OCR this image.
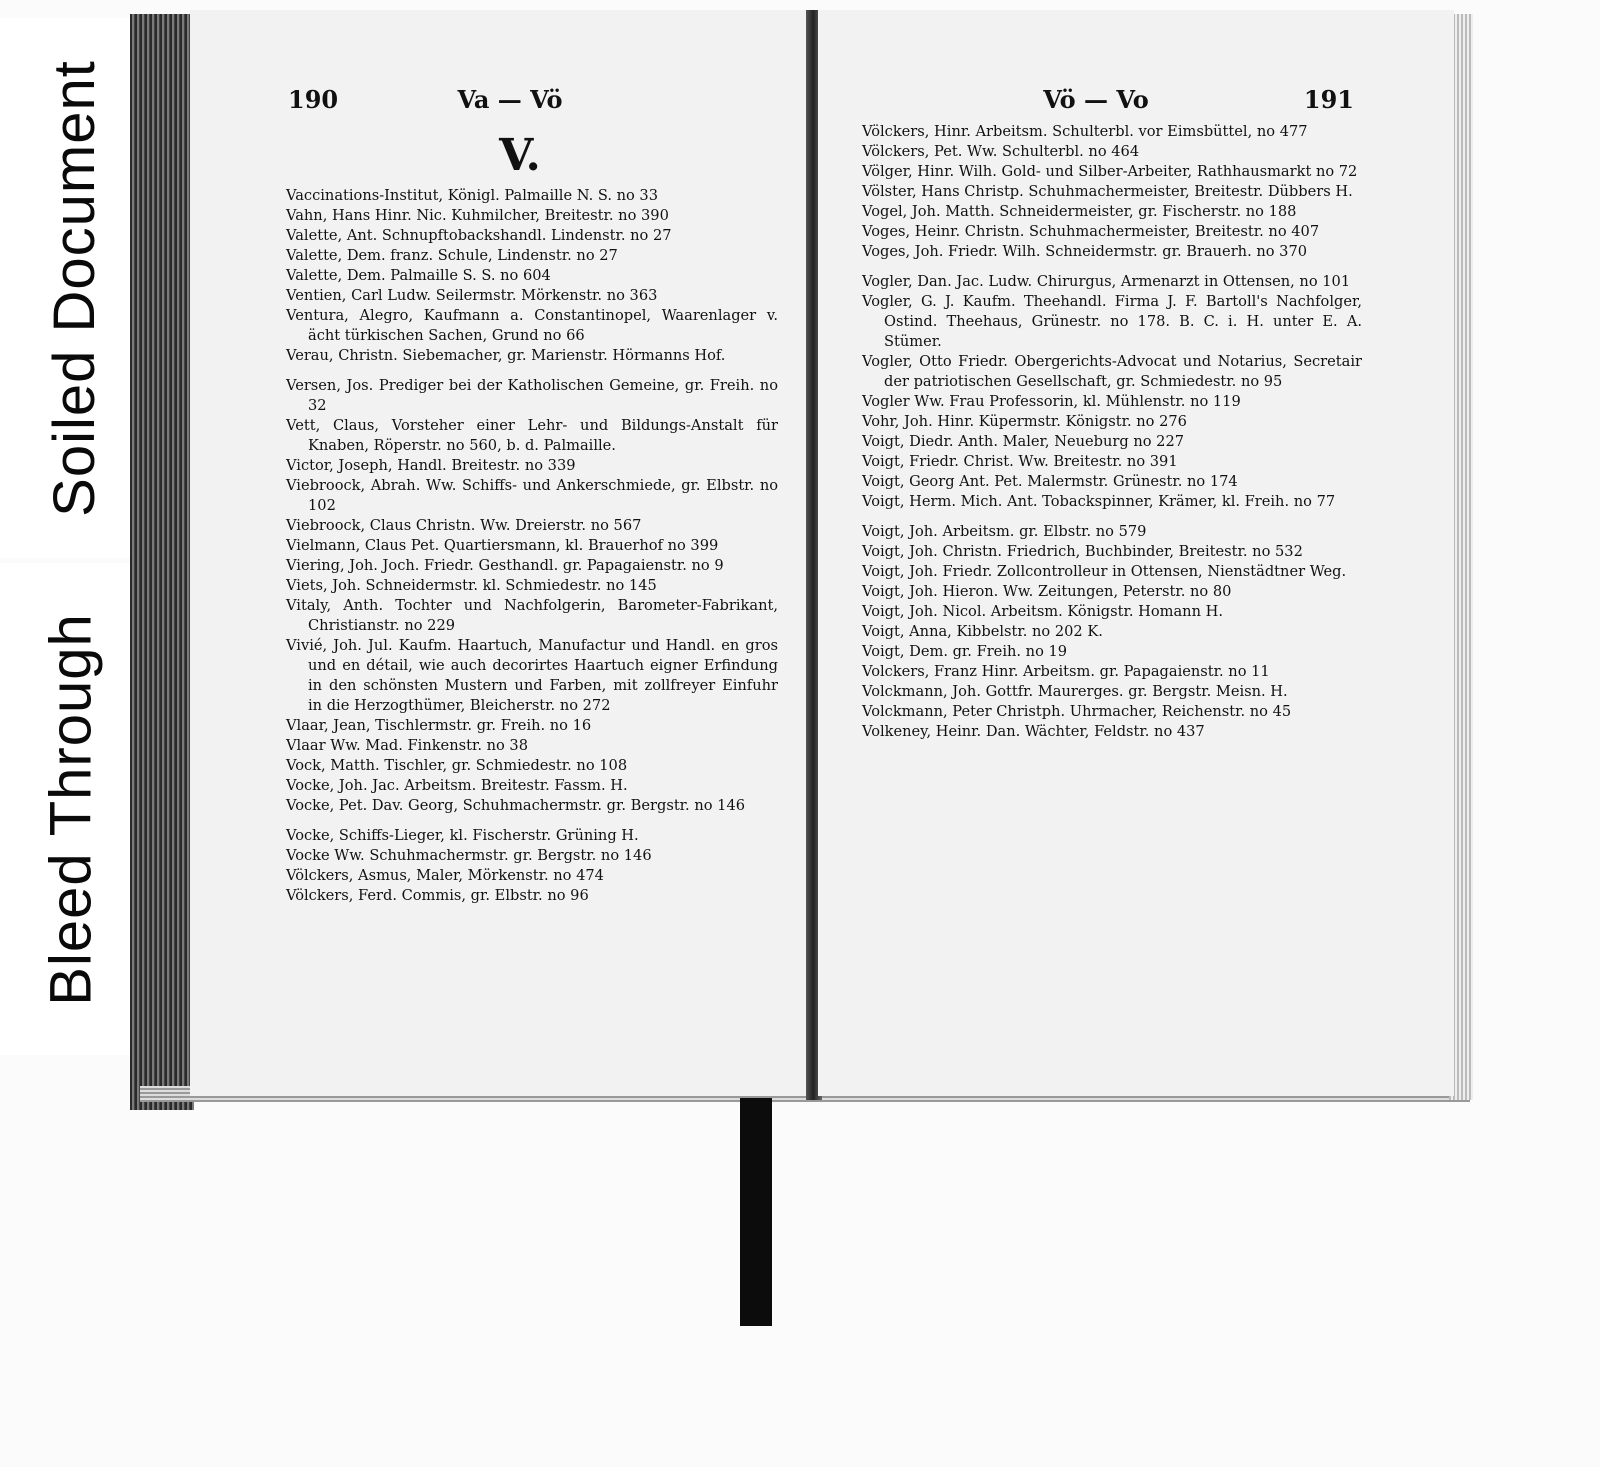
Soiled Document
Bleed Through
190	Va — Vö
V.

Vaccinations-Institut, Königl. Palmaille N. S. no 33

Vahn, Hans Hinr. Nic. Kuhmilcher, Breitestr. no 390

Valette, Ant. Schnupftobackshandl. Lindenstr. no 27

Valette, Dem. franz. Schule, Lindenstr. no 27

Valette, Dem. Palmaille S. S. no 604

Ventien, Carl Ludw. Seilermstr. Mörkenstr. no 363

Ventura, Alegro, Kaufmann a. Constantinopel, Waarenlager v. ächt türkischen Sachen, Grund no 66

Verau, Christn. Siebemacher, gr. Marienstr. Hörmanns Hof.

Versen, Jos. Prediger bei der Katholischen Gemeine, gr. Freih. no 32

Vett, Claus, Vorsteher einer Lehr- und Bildungs-Anstalt für Knaben, Röperstr. no 560, b. d. Palmaille.

Victor, Joseph, Handl. Breitestr. no 339

Viebroock, Abrah. Ww. Schiffs- und Ankerschmiede, gr. Elbstr. no 102

Viebroock, Claus Christn. Ww. Dreierstr. no 567

Vielmann, Claus Pet. Quartiersmann, kl. Brauerhof no 399

Viering, Joh. Joch. Friedr. Gesthandl. gr. Papagaienstr. no 9

Viets, Joh. Schneidermstr. kl. Schmiedestr. no 145

Vitaly, Anth. Tochter und Nachfolgerin, Barometer-Fabrikant, Christianstr. no 229

Vivié, Joh. Jul. Kaufm. Haartuch, Manufactur und Handl. en gros und en détail, wie auch decorirtes Haartuch eigner Erfindung in den schönsten Mustern und Farben, mit zollfreyer Einfuhr in die Herzogthümer, Bleicherstr. no 272

Vlaar, Jean, Tischlermstr. gr. Freih. no 16

Vlaar Ww. Mad. Finkenstr. no 38

Vock, Matth. Tischler, gr. Schmiedestr. no 108

Vocke, Joh. Jac. Arbeitsm. Breitestr. Fassm. H.

Vocke, Pet. Dav. Georg, Schuhmachermstr. gr. Bergstr. no 146

Vocke, Schiffs-Lieger, kl. Fischerstr. Grüning H.

Vocke Ww. Schuhmachermstr. gr. Bergstr. no 146

Völckers, Asmus, Maler, Mörkenstr. no 474

Völckers, Ferd. Commis, gr. Elbstr. no 96

Vö — Vo	191

Völckers, Hinr. Arbeitsm. Schulterbl. vor Eimsbüttel, no 477

Völckers, Pet. Ww. Schulterbl. no 464

Völger, Hinr. Wilh. Gold- und Silber-Arbeiter, Rathhausmarkt no 72

Völster, Hans Christp. Schuhmachermeister, Breitestr. Dübbers H.

Vogel, Joh. Matth. Schneidermeister, gr. Fischerstr. no 188

Voges, Heinr. Christn. Schuhmachermeister, Breitestr. no 407

Voges, Joh. Friedr. Wilh. Schneidermstr. gr. Brauerh. no 370

Vogler, Dan. Jac. Ludw. Chirurgus, Armenarzt in Ottensen, no 101

Vogler, G. J. Kaufm. Theehandl. Firma J. F. Bartoll's Nachfolger, Ostind. Theehaus, Grünestr. no 178. B. C. i. H. unter E. A. Stümer.

Vogler, Otto Friedr. Obergerichts-Advocat und Notarius, Secretair der patriotischen Gesellschaft, gr. Schmiedestr. no 95

Vogler Ww. Frau Professorin, kl. Mühlenstr. no 119

Vohr, Joh. Hinr. Küpermstr. Königstr. no 276

Voigt, Diedr. Anth. Maler, Neueburg no 227

Voigt, Friedr. Christ. Ww. Breitestr. no 391

Voigt, Georg Ant. Pet. Malermstr. Grünestr. no 174

Voigt, Herm. Mich. Ant. Tobackspinner, Krämer, kl. Freih. no 77

Voigt, Joh. Arbeitsm. gr. Elbstr. no 579

Voigt, Joh. Christn. Friedrich, Buchbinder, Breitestr. no 532

Voigt, Joh. Friedr. Zollcontrolleur in Ottensen, Nienstädtner Weg.

Voigt, Joh. Hieron. Ww. Zeitungen, Peterstr. no 80

Voigt, Joh. Nicol. Arbeitsm. Königstr. Homann H.

Voigt, Anna, Kibbelstr. no 202 K.

Voigt, Dem. gr. Freih. no 19

Volckers, Franz Hinr. Arbeitsm. gr. Papagaienstr. no 11

Volckmann, Joh. Gottfr. Maurerges. gr. Bergstr. Meisn. H.

Volckmann, Peter Christph. Uhrmacher, Reichenstr. no 45

Volkeney, Heinr. Dan. Wächter, Feldstr. no 437
